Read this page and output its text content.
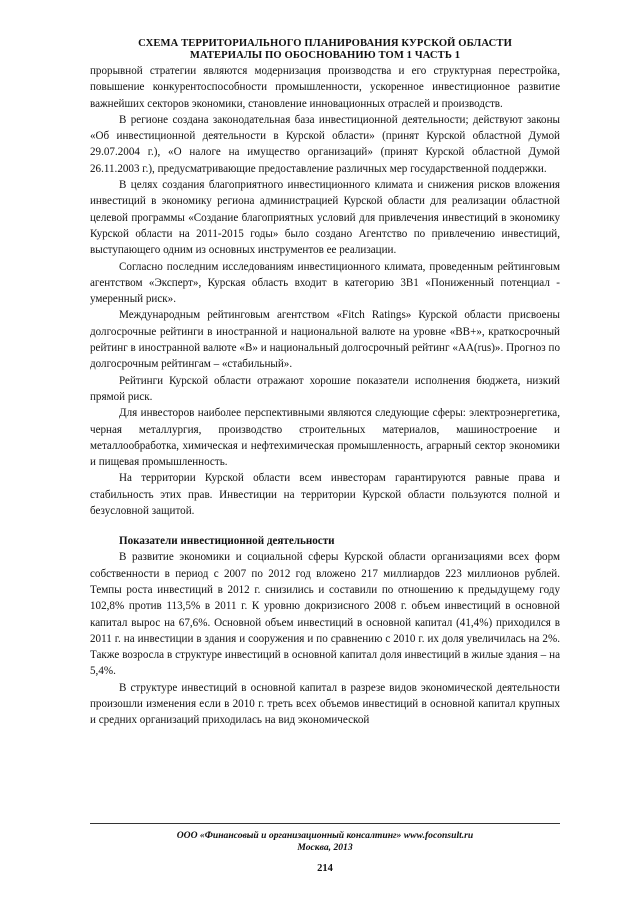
СХЕМА ТЕРРИТОРИАЛЬНОГО ПЛАНИРОВАНИЯ КУРСКОЙ ОБЛАСТИ
МАТЕРИАЛЫ ПО ОБОСНОВАНИЮ ТОМ 1 ЧАСТЬ 1

прорывной стратегии являются модернизация производства и его структурная перестройка, повышение конкурентоспособности промышленности, ускоренное инвестиционное развитие важнейших секторов экономики, становление инновационных отраслей и производств.

В регионе создана законодательная база инвестиционной деятельности; действуют законы «Об инвестиционной деятельности в Курской области» (принят Курской областной Думой 29.07.2004 г.), «О налоге на имущество организаций» (принят Курской областной Думой 26.11.2003 г.), предусматривающие предоставление различных мер государственной поддержки.

В целях создания благоприятного инвестиционного климата и снижения рисков вложения инвестиций в экономику региона администрацией Курской области для реализации областной целевой программы «Создание благоприятных условий для привлечения инвестиций в экономику Курской области на 2011-2015 годы» было создано Агентство по привлечению инвестиций, выступающего одним из основных инструментов ее реализации.

Согласно последним исследованиям инвестиционного климата, проведенным рейтинговым агентством «Эксперт», Курская область входит в категорию 3В1 «Пониженный потенциал - умеренный риск».

Международным рейтинговым агентством «Fitch Ratings» Курской области присвоены долгосрочные рейтинги в иностранной и национальной валюте на уровне «ВВ+», краткосрочный рейтинг в иностранной валюте «В» и национальный долгосрочный рейтинг «АА(rus)». Прогноз по долгосрочным рейтингам – «стабильный».

Рейтинги Курской области отражают хорошие показатели исполнения бюджета, низкий прямой риск.

Для инвесторов наиболее перспективными являются следующие сферы: электроэнергетика, черная металлургия, производство строительных материалов, машиностроение и металлообработка, химическая и нефтехимическая промышленность, аграрный сектор экономики и пищевая промышленность.

На территории Курской области всем инвесторам гарантируются равные права и стабильность этих прав. Инвестиции на территории Курской области пользуются полной и безусловной защитой.

Показатели инвестиционной деятельности

В развитие экономики и социальной сферы Курской области организациями всех форм собственности в период с 2007 по 2012 год вложено 217 миллиардов 223 миллионов рублей. Темпы роста инвестиций в 2012 г. снизились и составили по отношению к предыдущему году 102,8% против 113,5% в 2011 г. К уровню докризисного 2008 г. объем инвестиций в основной капитал вырос на 67,6%. Основной объем инвестиций в основной капитал (41,4%) приходился в 2011 г. на инвестиции в здания и сооружения и по сравнению с 2010 г. их доля увеличилась на 2%. Также возросла в структуре инвестиций в основной капитал доля инвестиций в жилые здания – на 5,4%.

В структуре инвестиций в основной капитал в разрезе видов экономической деятельности произошли изменения если в 2010 г. треть всех объемов инвестиций в основной капитал крупных и средних организаций приходилась на вид экономической

ООО «Финансовый и организационный консалтинг» www.foconsult.ru
Москва, 2013
214
